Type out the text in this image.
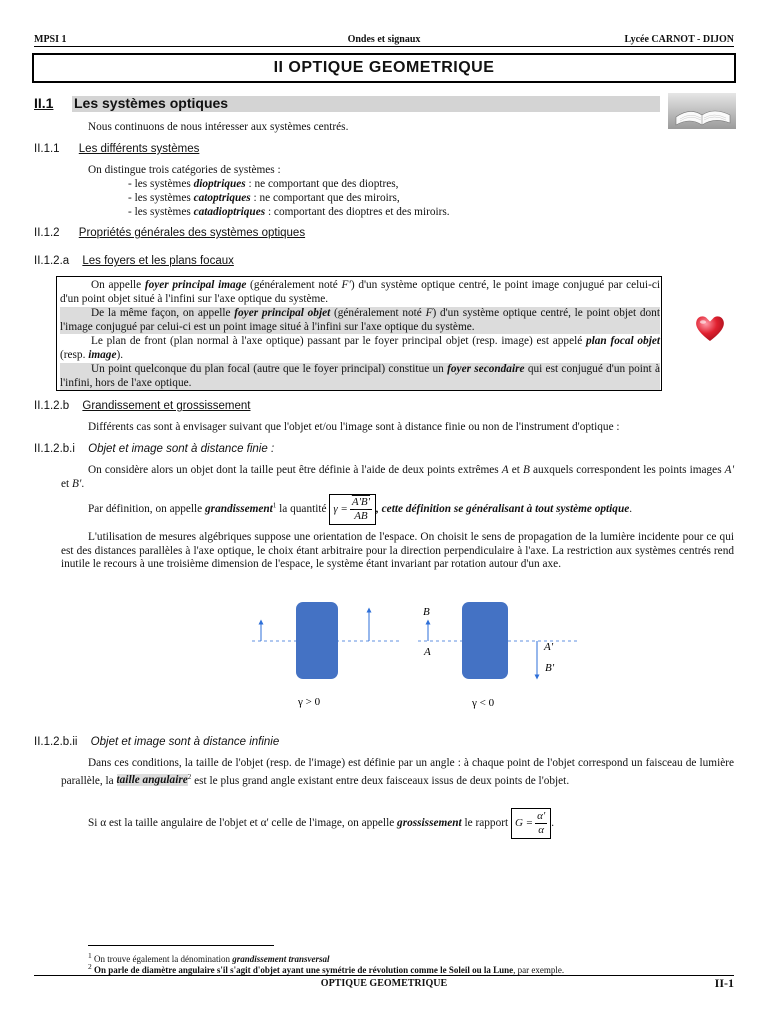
MPSI 1	Ondes et signaux	Lycée CARNOT - DIJON
II OPTIQUE GEOMETRIQUE
II.1 Les systèmes optiques
Nous continuons de nous intéresser aux systèmes centrés.
II.1.1 Les différents systèmes
On distingue trois catégories de systèmes :
- les systèmes dioptriques : ne comportant que des dioptres,
- les systèmes catoptriques : ne comportant que des miroirs,
- les systèmes catadioptriques : comportant des dioptres et des miroirs.
II.1.2 Propriétés générales des systèmes optiques
II.1.2.a Les foyers et les plans focaux
On appelle foyer principal image (généralement noté F') d'un système optique centré, le point image conjugué par celui-ci d'un point objet situé à l'infini sur l'axe optique du système.
De la même façon, on appelle foyer principal objet (généralement noté F) d'un système optique centré, le point objet dont l'image conjugué par celui-ci est un point image situé à l'infini sur l'axe optique du système.
Le plan de front (plan normal à l'axe optique) passant par le foyer principal objet (resp. image) est appelé plan focal objet (resp. image).
Un point quelconque du plan focal (autre que le foyer principal) constitue un foyer secondaire qui est conjugué d'un point à l'infini, hors de l'axe optique.
II.1.2.b Grandissement et grossissement
Différents cas sont à envisager suivant que l'objet et/ou l'image sont à distance finie ou non de l'instrument d'optique :
II.1.2.b.i Objet et image sont à distance finie :
On considère alors un objet dont la taille peut être définie à l'aide de deux points extrêmes A et B auxquels correspondent les points images A' et B'.
Par définition, on appelle grandissement$^1$ la quantité $\gamma = \frac{A'B'}{AB}$ , cette définition se généralisant à tout système optique.
L'utilisation de mesures algébriques suppose une orientation de l'espace. On choisit le sens de propagation de la lumière incidente pour ce qui est des distances parallèles à l'axe optique, le choix étant arbitraire pour la direction perpendiculaire à l'axe. La restriction aux systèmes centrés rend inutile le recours à une troisième dimension de l'espace, le système étant invariant par rotation autour d'un axe.
γ > 0
B
A	A'
B'
γ < 0
II.1.2.b.ii Objet et image sont à distance infinie
Dans ces conditions, la taille de l'objet (resp. de l'image) est définie par un angle : à chaque point de l'objet correspond un faisceau de lumière parallèle, la taille angulaire$^2$ est le plus grand angle existant entre deux faisceaux issus de deux points de l'objet.
Si α est la taille angulaire de l'objet et α' celle de l'image, on appelle grossissement le rapport $G = \frac{\alpha'}{\alpha}$ .
$^1$ On trouve également la dénomination grandissement transversal
$^2$ On parle de diamètre angulaire s'il s'agit d'objet ayant une symétrie de révolution comme le Soleil ou la Lune, par exemple.
OPTIQUE GEOMETRIQUE	II-1
